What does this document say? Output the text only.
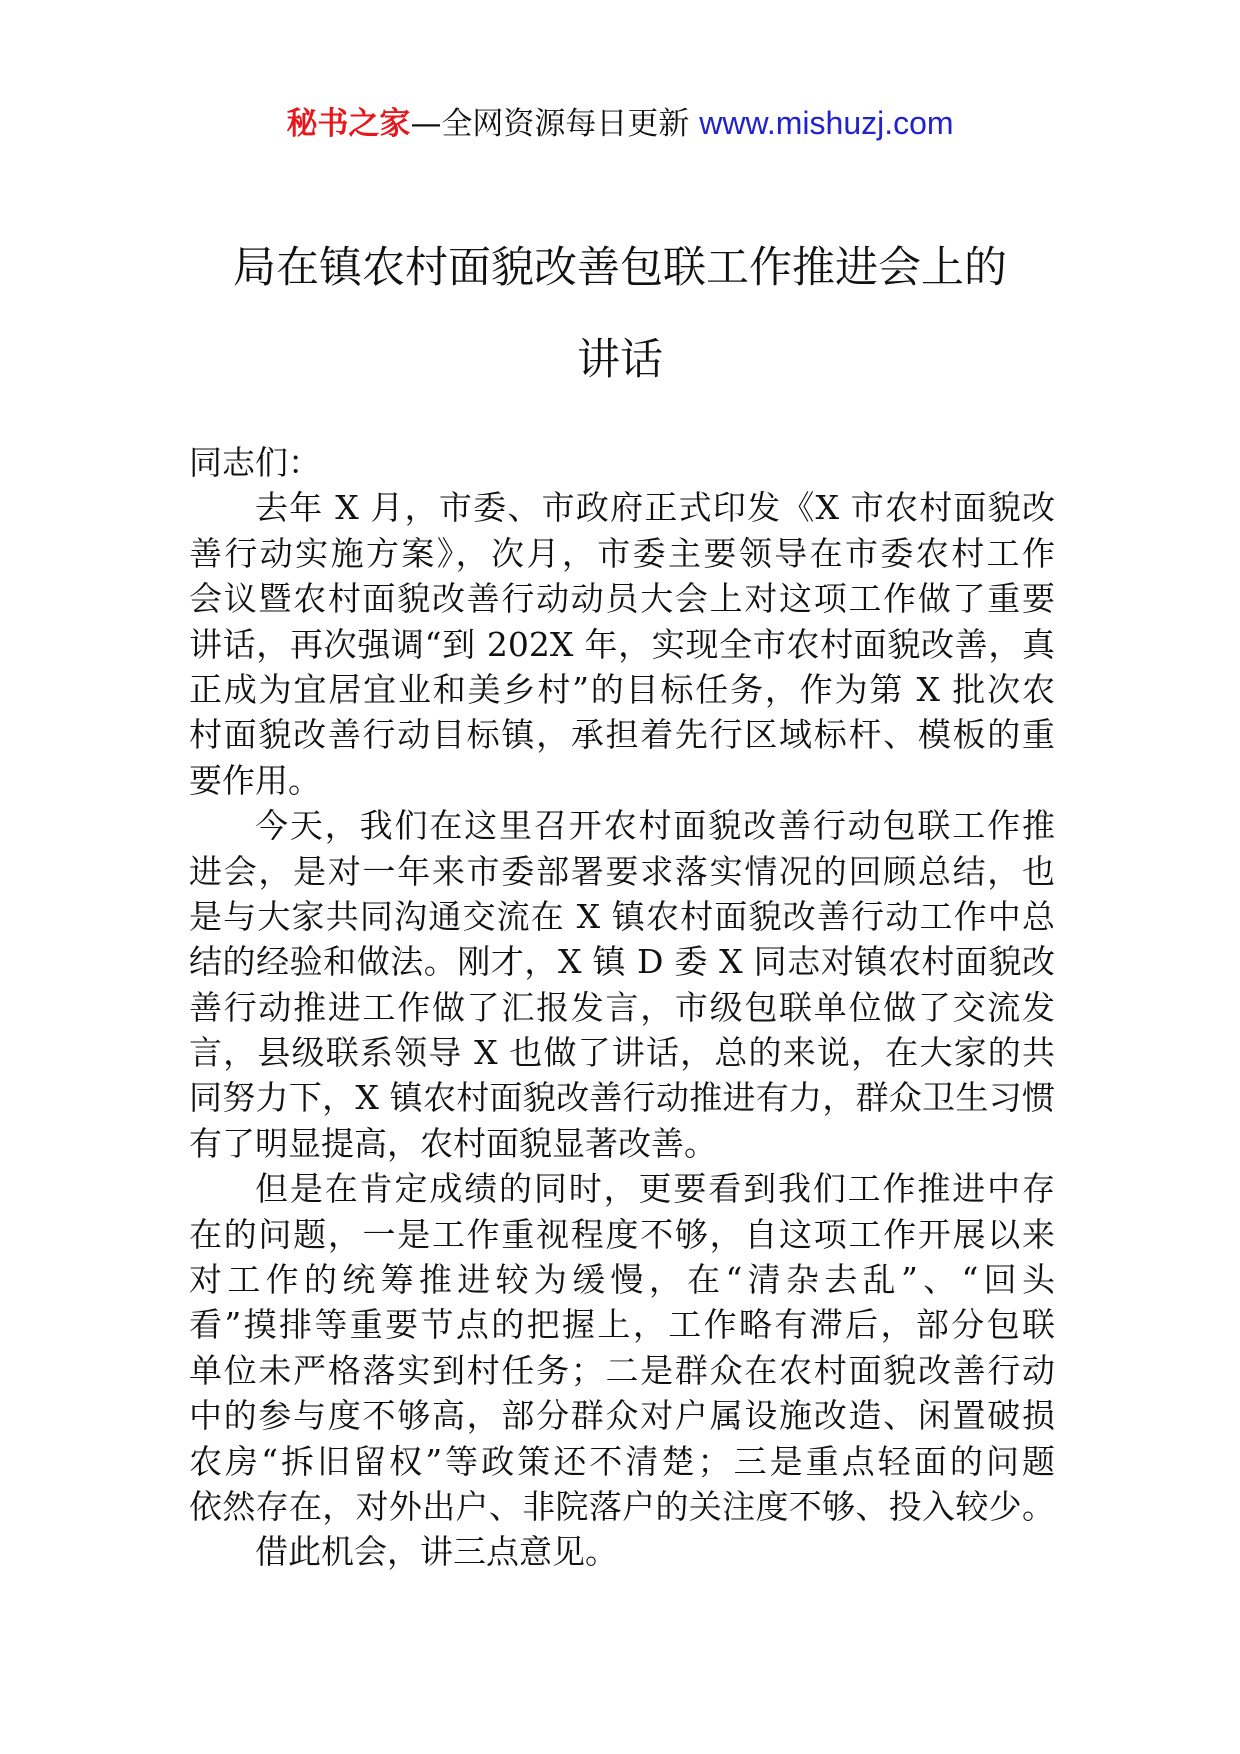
秘书之家—全网资源每日更新 www.mishuzj.com
局在镇农村面貌改善包联工作推进会上的
讲话
同志们：
去年 X 月，市委、市政府正式印发《X 市农村面貌改
善行动实施方案》，次月，市委主要领导在市委农村工作
会议暨农村面貌改善行动动员大会上对这项工作做了重要
讲话，再次强调“到 202X 年，实现全市农村面貌改善，真
正成为宜居宜业和美乡村”的目标任务，作为第 X 批次农
村面貌改善行动目标镇，承担着先行区域标杆、模板的重
要作用。
今天，我们在这里召开农村面貌改善行动包联工作推
进会，是对一年来市委部署要求落实情况的回顾总结，也
是与大家共同沟通交流在 X 镇农村面貌改善行动工作中总
结的经验和做法。刚才，X 镇 D 委 X 同志对镇农村面貌改
善行动推进工作做了汇报发言，市级包联单位做了交流发
言，县级联系领导 X 也做了讲话，总的来说，在大家的共
同努力下，X 镇农村面貌改善行动推进有力，群众卫生习惯
有了明显提高，农村面貌显著改善。
但是在肯定成绩的同时，更要看到我们工作推进中存
在的问题，一是工作重视程度不够，自这项工作开展以来
对工作的统筹推进较为缓慢，在“清杂去乱”、“回头
看”摸排等重要节点的把握上，工作略有滞后，部分包联
单位未严格落实到村任务；二是群众在农村面貌改善行动
中的参与度不够高，部分群众对户属设施改造、闲置破损
农房“拆旧留权”等政策还不清楚；三是重点轻面的问题
依然存在，对外出户、非院落户的关注度不够、投入较少。
借此机会，讲三点意见。
